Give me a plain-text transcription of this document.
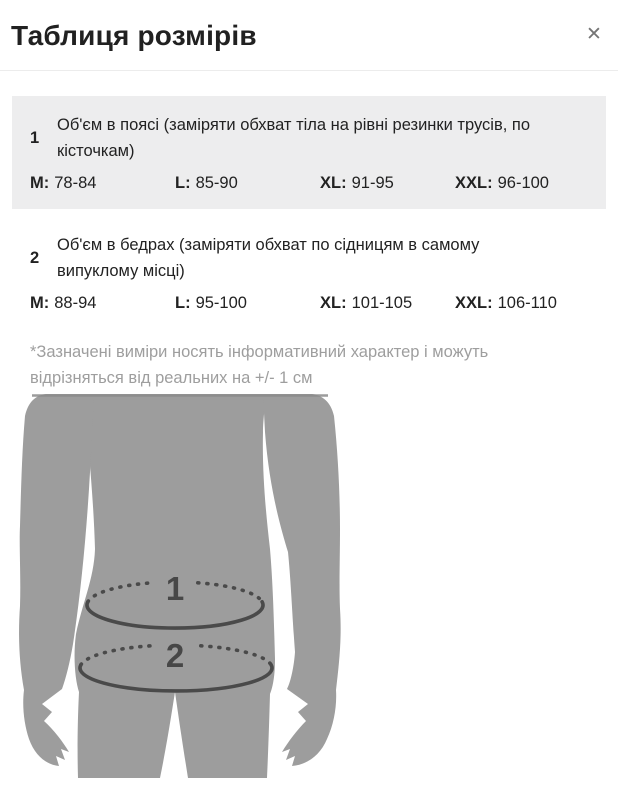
Таблиця розмірів	✕
1
Об'єм в поясі (заміряти обхват тіла на рівні резинки трусів, по кісточкам)
M: 78-84	L: 85-90	XL: 91-95	XXL: 96-100
2
Об'єм в бедрах (заміряти обхват по сідницям в самому випуклому місці)
M: 88-94	L: 95-100	XL: 101-105	XXL: 106-110
*Зазначені виміри носять інформативний характер і можуть відрізняться від реальних на +/- 1 см
1
2
